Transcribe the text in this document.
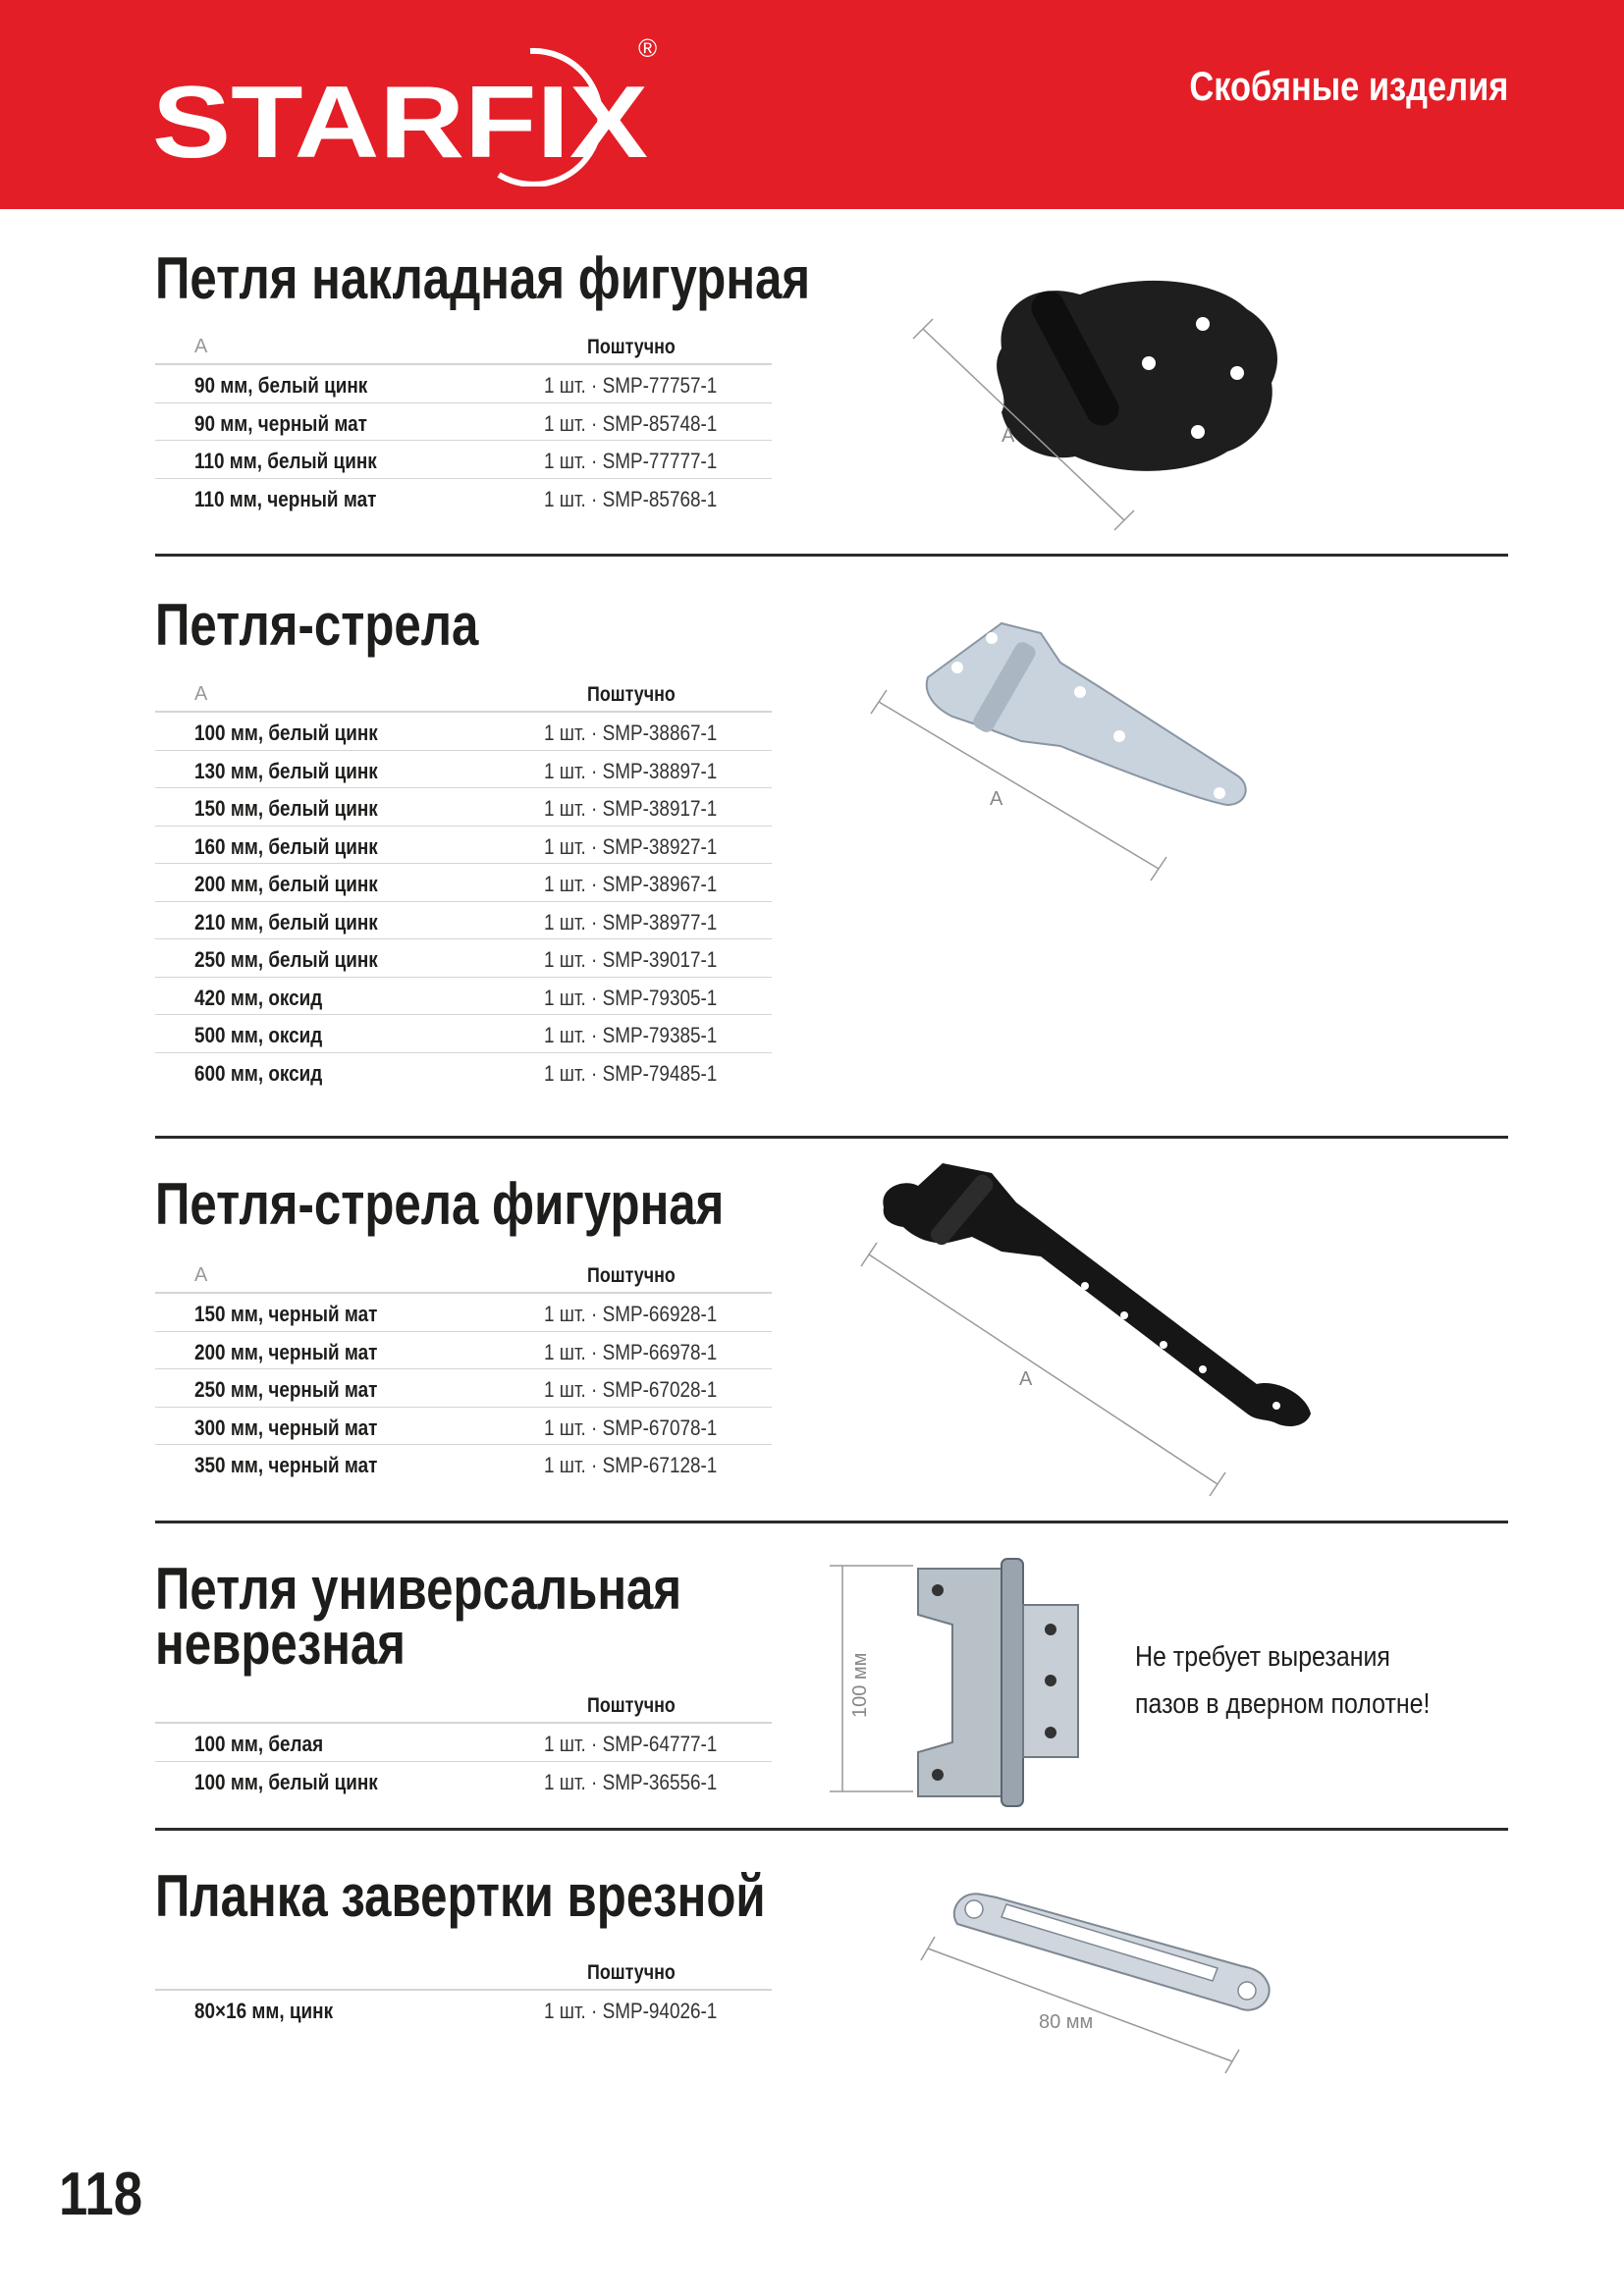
STARFIX
®
Скобяные изделия
Петля накладная фигурная
A	Поштучно
90 мм, белый цинк	1 шт. · SMP-77757-1
90 мм, черный мат	1 шт. · SMP-85748-1
110 мм, белый цинк	1 шт. · SMP-77777-1
110 мм, черный мат	1 шт. · SMP-85768-1
A
Петля-стрела
A	Поштучно
100 мм, белый цинк	1 шт. · SMP-38867-1
130 мм, белый цинк	1 шт. · SMP-38897-1
150 мм, белый цинк	1 шт. · SMP-38917-1
160 мм, белый цинк	1 шт. · SMP-38927-1
200 мм, белый цинк	1 шт. · SMP-38967-1
210 мм, белый цинк	1 шт. · SMP-38977-1
250 мм, белый цинк	1 шт. · SMP-39017-1
420 мм, оксид	1 шт. · SMP-79305-1
500 мм, оксид	1 шт. · SMP-79385-1
600 мм, оксид	1 шт. · SMP-79485-1
A
Петля-стрела фигурная
A	Поштучно
150 мм, черный мат	1 шт. · SMP-66928-1
200 мм, черный мат	1 шт. · SMP-66978-1
250 мм, черный мат	1 шт. · SMP-67028-1
300 мм, черный мат	1 шт. · SMP-67078-1
350 мм, черный мат	1 шт. · SMP-67128-1
A
Петля универсальная
неврезная
Поштучно
100 мм, белая	1 шт. · SMP-64777-1
100 мм, белый цинк	1 шт. · SMP-36556-1
100 мм	Не требует вырезания
пазов в дверном полотне!
Планка завертки врезной
Поштучно
80×16 мм, цинк	1 шт. · SMP-94026-1	80 мм
118
